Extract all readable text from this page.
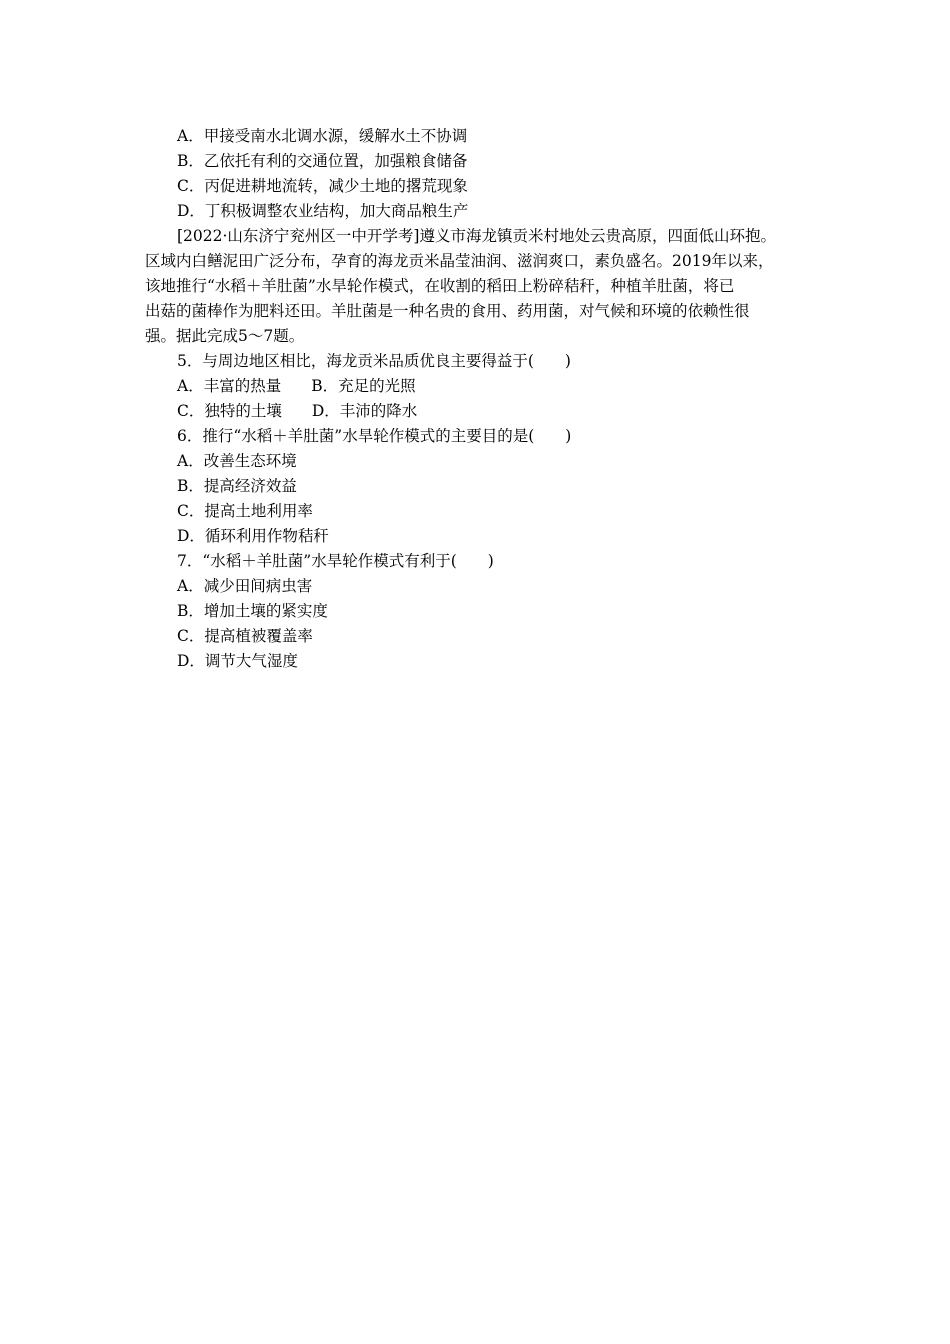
A．甲接受南水北调水源，缓解水土不协调
B．乙依托有利的交通位置，加强粮食储备
C．丙促进耕地流转，减少土地的撂荒现象
D．丁积极调整农业结构，加大商品粮生产
[2022·山东济宁兖州区一中开学考]遵义市海龙镇贡米村地处云贵高原，四面低山环抱。
区域内白鳝泥田广泛分布，孕育的海龙贡米晶莹油润、滋润爽口，素负盛名。2019年以来，
该地推行“水稻＋羊肚菌”水旱轮作模式，在收割的稻田上粉碎秸秆，种植羊肚菌，将已
出菇的菌棒作为肥料还田。羊肚菌是一种名贵的食用、药用菌，对气候和环境的依赖性很
强。据此完成5～7题。
5．与周边地区相比，海龙贡米品质优良主要得益于(　　)
A．丰富的热量 B．充足的光照
C．独特的土壤 D．丰沛的降水
6．推行“水稻＋羊肚菌”水旱轮作模式的主要目的是(　　)
A．改善生态环境
B．提高经济效益
C．提高土地利用率
D．循环利用作物秸秆
7．“水稻＋羊肚菌”水旱轮作模式有利于(　　)
A．减少田间病虫害
B．增加土壤的紧实度
C．提高植被覆盖率
D．调节大气湿度
